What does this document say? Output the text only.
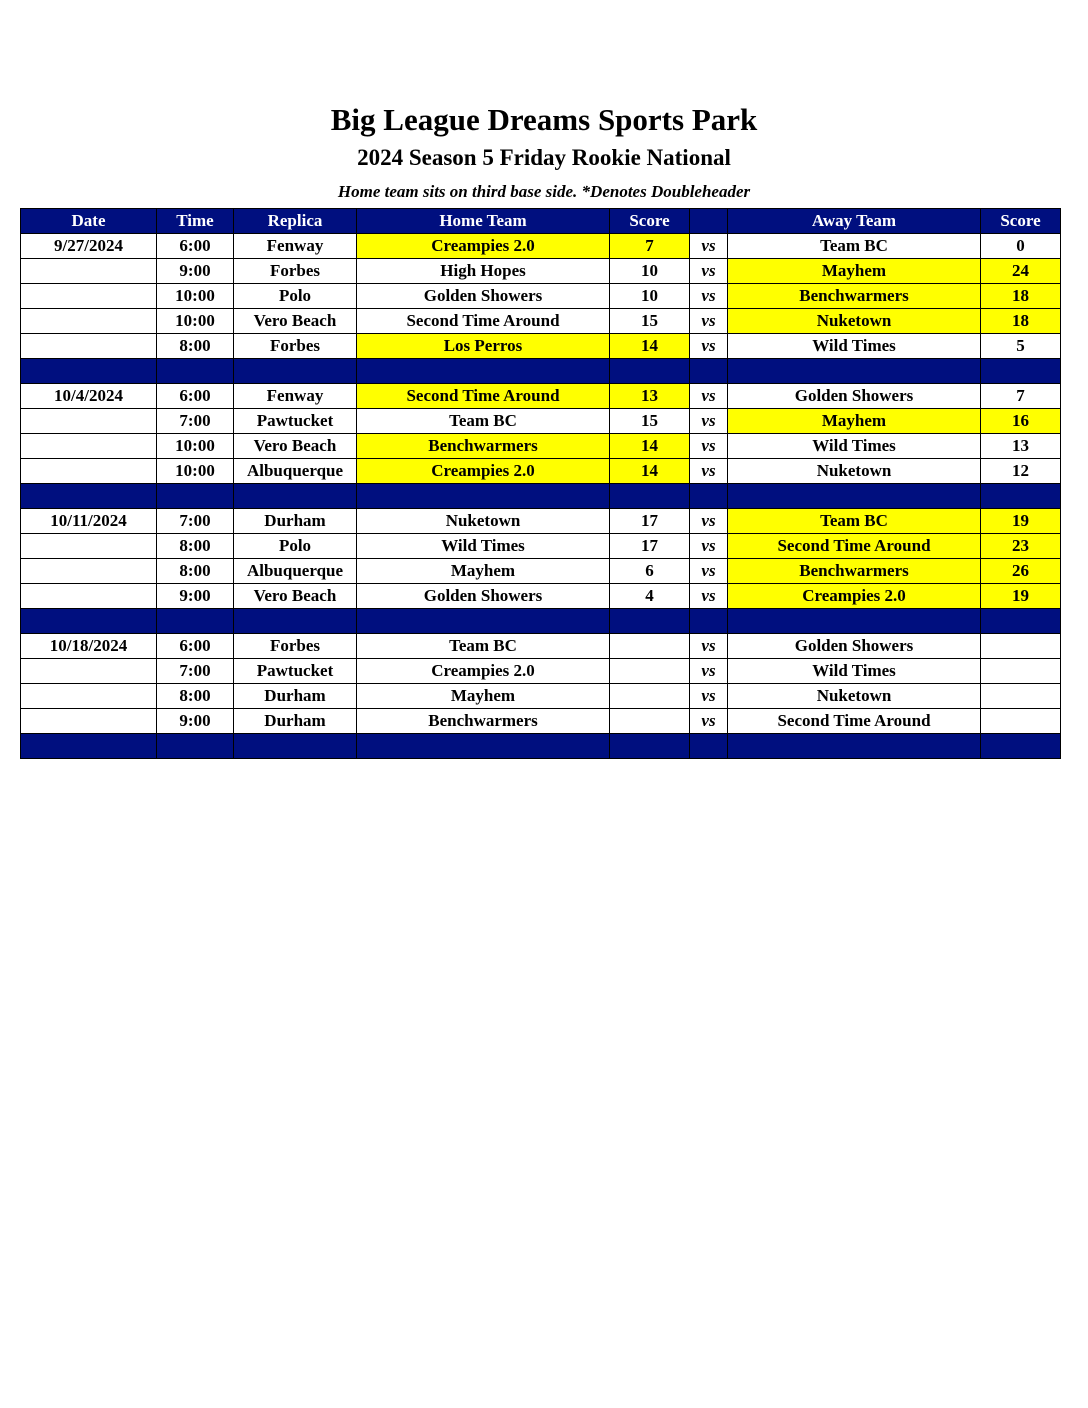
Big League Dreams Sports Park
2024 Season 5 Friday Rookie National
Home team sits on third base side. *Denotes Doubleheader
Date	Time	Replica	Home Team	Score		Away Team	Score
9/27/2024	6:00	Fenway	Creampies 2.0	7	vs	Team BC	0
	9:00	Forbes	High Hopes	10	vs	Mayhem	24
	10:00	Polo	Golden Showers	10	vs	Benchwarmers	18
	10:00	Vero Beach	Second Time Around	15	vs	Nuketown	18
	8:00	Forbes	Los Perros	14	vs	Wild Times	5

10/4/2024	6:00	Fenway	Second Time Around	13	vs	Golden Showers	7
	7:00	Pawtucket	Team BC	15	vs	Mayhem	16
	10:00	Vero Beach	Benchwarmers	14	vs	Wild Times	13
	10:00	Albuquerque	Creampies 2.0	14	vs	Nuketown	12

10/11/2024	7:00	Durham	Nuketown	17	vs	Team BC	19
	8:00	Polo	Wild Times	17	vs	Second Time Around	23
	8:00	Albuquerque	Mayhem	6	vs	Benchwarmers	26
	9:00	Vero Beach	Golden Showers	4	vs	Creampies 2.0	19

10/18/2024	6:00	Forbes	Team BC		vs	Golden Showers	
	7:00	Pawtucket	Creampies 2.0		vs	Wild Times	
	8:00	Durham	Mayhem		vs	Nuketown	
	9:00	Durham	Benchwarmers		vs	Second Time Around	
